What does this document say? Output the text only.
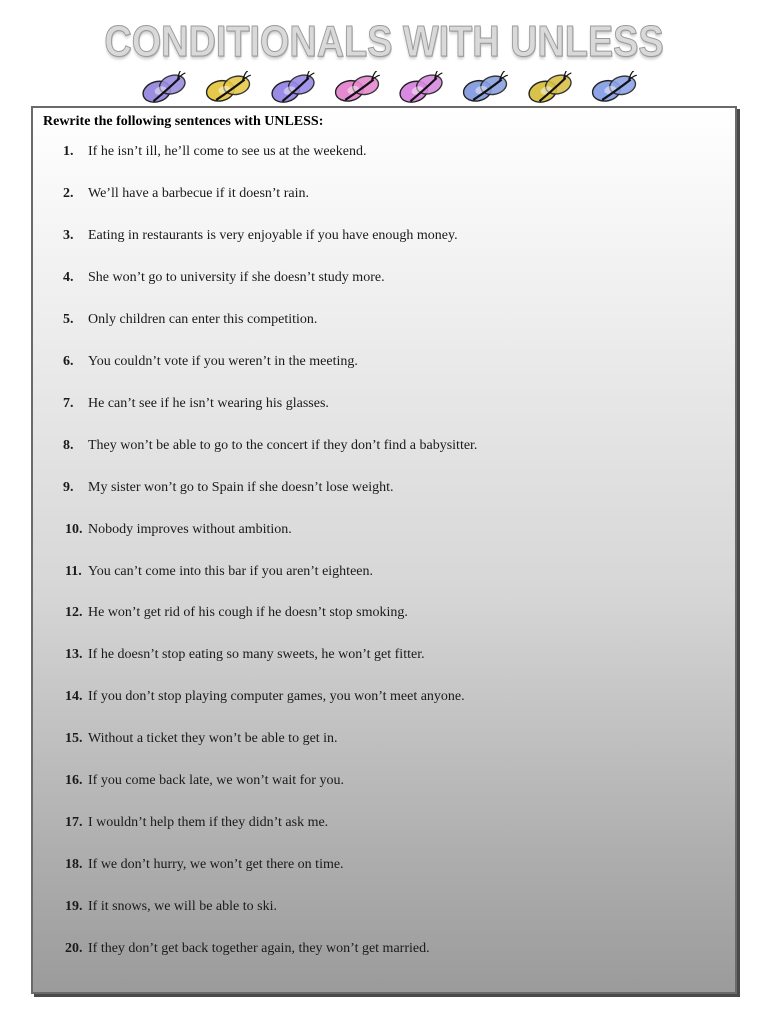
CONDITIONALS WITH UNLESS
Rewrite the following sentences with UNLESS:
1.	If he isn’t ill, he’ll come to see us at the weekend.
2.	We’ll have a barbecue if it doesn’t rain.
3.	Eating in restaurants is very enjoyable if you have enough money.
4.	She won’t go to university if she doesn’t study more.
5.	Only children can enter this competition.
6.	You couldn’t vote if you weren’t in the meeting.
7.	He can’t see if he isn’t wearing his glasses.
8.	They won’t be able to go to the concert if they don’t find a babysitter.
9.	My sister won’t go to Spain if she doesn’t lose weight.
10. Nobody improves without ambition.
11. You can’t come into this bar if you aren’t eighteen.
12. He won’t get rid of his cough if he doesn’t stop smoking.
13. If he doesn’t stop eating so many sweets, he won’t get fitter.
14. If you don’t stop playing computer games, you won’t meet anyone.
15. Without a ticket they won’t be able to get in.
16. If you come back late, we won’t wait for you.
17. I wouldn’t help them if they didn’t ask me.
18. If we don’t hurry, we won’t get there on time.
19. If it snows, we will be able to ski.
20. If they don’t get back together again, they won’t get married.
